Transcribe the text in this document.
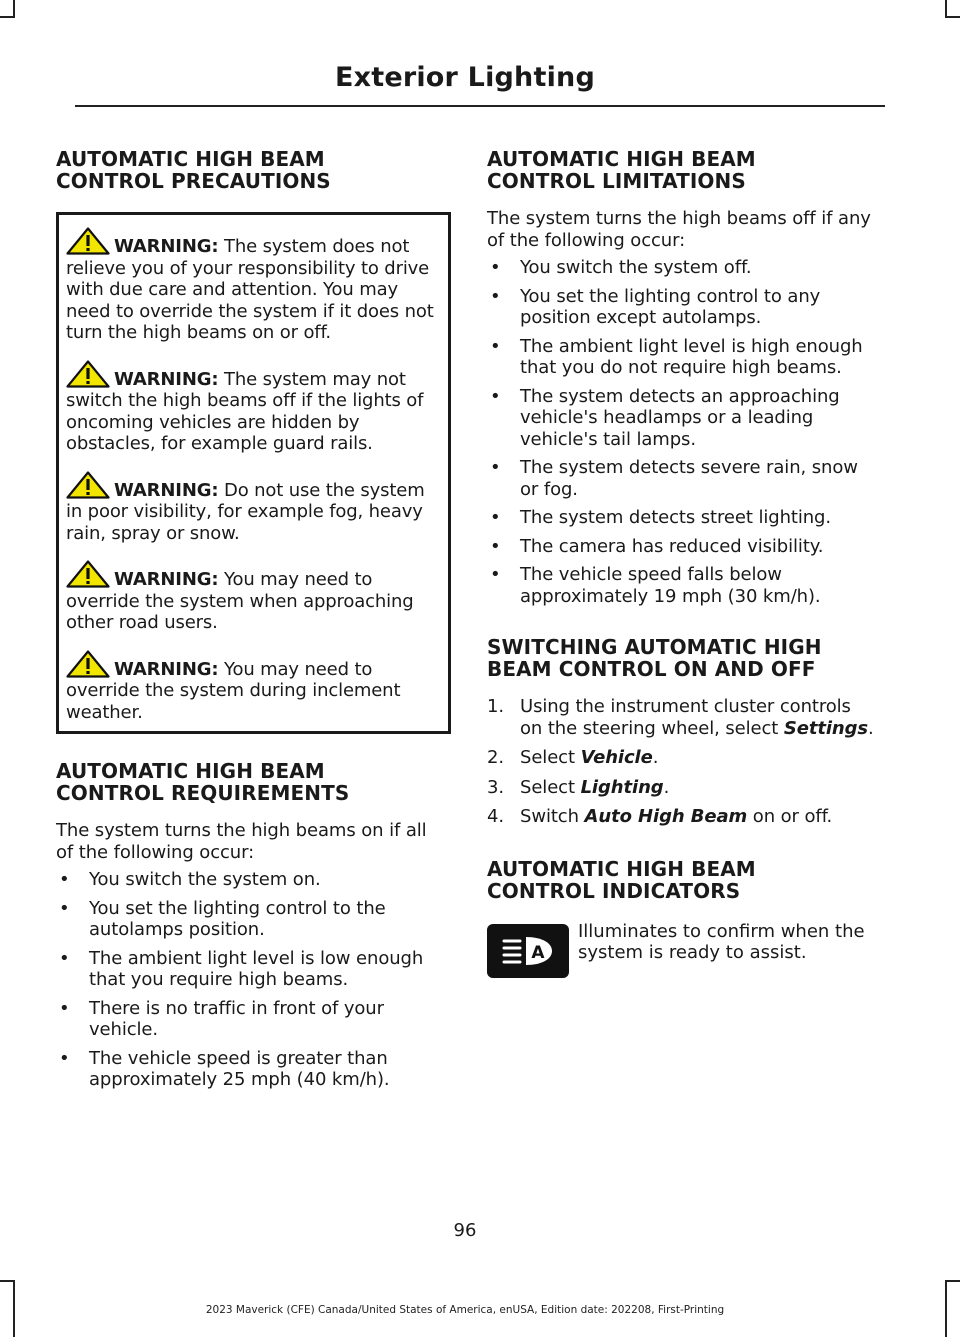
Exterior Lighting
AUTOMATIC HIGH BEAM
CONTROL PRECAUTIONS

WARNING: The system does not relieve you of your responsibility to drive with due care and attention. You may need to override the system if it does not turn the high beams on or off.

WARNING: The system may not switch the high beams off if the lights of oncoming vehicles are hidden by obstacles, for example guard rails.

WARNING: Do not use the system in poor visibility, for example fog, heavy rain, spray or snow.

WARNING: You may need to override the system when approaching other road users.

WARNING: You may need to override the system during inclement weather.

AUTOMATIC HIGH BEAM
CONTROL REQUIREMENTS

The system turns the high beams on if all of the following occur:

• You switch the system on.
• You set the lighting control to the autolamps position.
• The ambient light level is low enough that you require high beams.
• There is no traffic in front of your vehicle.
• The vehicle speed is greater than approximately 25 mph (40 km/h).
AUTOMATIC HIGH BEAM
CONTROL LIMITATIONS

The system turns the high beams off if any of the following occur:

• You switch the system off.
• You set the lighting control to any position except autolamps.
• The ambient light level is high enough that you do not require high beams.
• The system detects an approaching vehicle's headlamps or a leading vehicle's tail lamps.
• The system detects severe rain, snow or fog.
• The system detects street lighting.
• The camera has reduced visibility.
• The vehicle speed falls below approximately 19 mph (30 km/h).
SWITCHING AUTOMATIC HIGH
BEAM CONTROL ON AND OFF
1. Using the instrument cluster controls on the steering wheel, select Settings.
2. Select Vehicle.
3. Select Lighting.
4. Switch Auto High Beam on or off.
AUTOMATIC HIGH BEAM
CONTROL INDICATORS
A
Illuminates to confirm when the system is ready to assist.
96
2023 Maverick (CFE) Canada/United States of America, enUSA, Edition date: 202208, First-Printing
